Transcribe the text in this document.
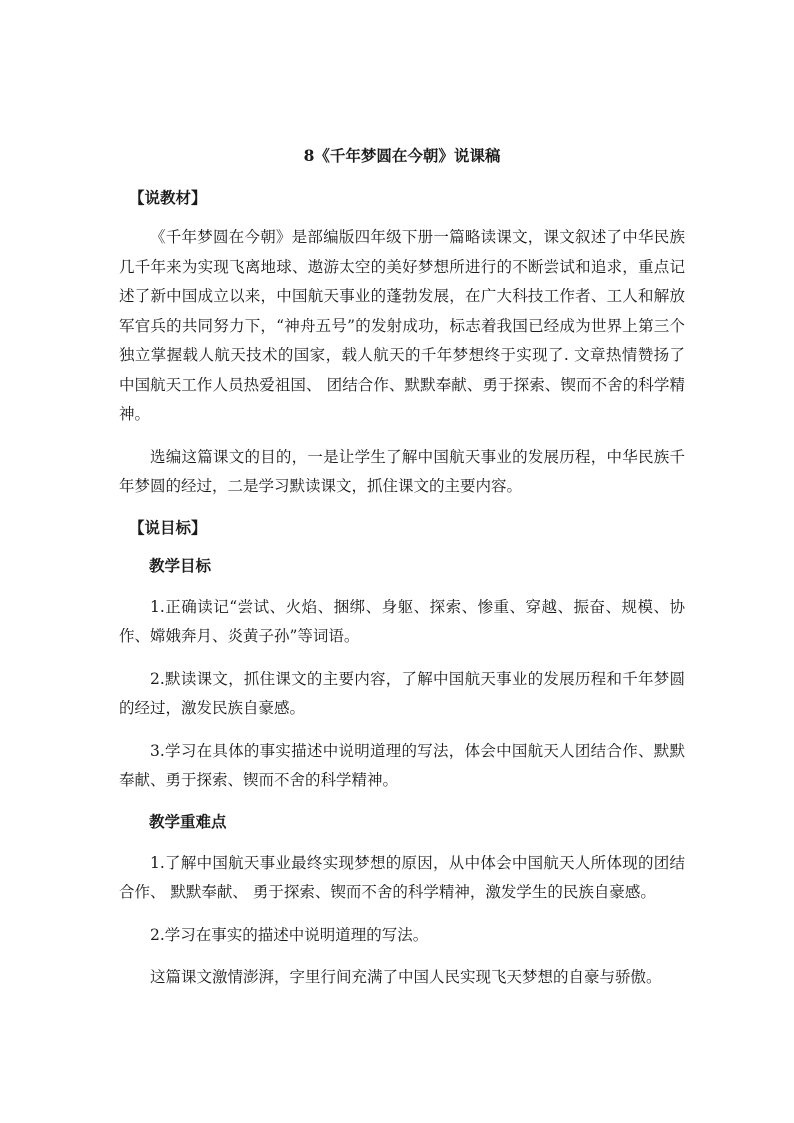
8《千年梦圆在今朝》说课稿
【说教材】

《千年梦圆在今朝》是部编版四年级下册一篇略读课文，课文叙述了中华民族几千年来为实现飞离地球、遨游太空的美好梦想所进行的不断尝试和追求，重点记述了新中国成立以来，中国航天事业的蓬勃发展，在广大科技工作者、工人和解放军官兵的共同努力下，“神舟五号”的发射成功，标志着我国已经成为世界上第三个独立掌握载人航天技术的国家，载人航天的千年梦想终于实现了. 文章热情赞扬了中国航天工作人员热爱祖国、 团结合作、默默奉献、勇于探索、锲而不舍的科学精神。

选编这篇课文的目的，一是让学生了解中国航天事业的发展历程，中华民族千年梦圆的经过，二是学习默读课文，抓住课文的主要内容。

【说目标】
教学目标

1.正确读记“尝试、火焰、捆绑、身躯、探索、惨重、穿越、振奋、规模、协作、嫦娥奔月、炎黄子孙”等词语。

2.默读课文，抓住课文的主要内容，了解中国航天事业的发展历程和千年梦圆的经过，激发民族自豪感。

3.学习在具体的事实描述中说明道理的写法，体会中国航天人团结合作、默默奉献、勇于探索、锲而不舍的科学精神。

教学重难点

1.了解中国航天事业最终实现梦想的原因，从中体会中国航天人所体现的团结合作、 默默奉献、 勇于探索、锲而不舍的科学精神，激发学生的民族自豪感。

2.学习在事实的描述中说明道理的写法。

这篇课文激情澎湃，字里行间充满了中国人民实现飞天梦想的自豪与骄傲。
